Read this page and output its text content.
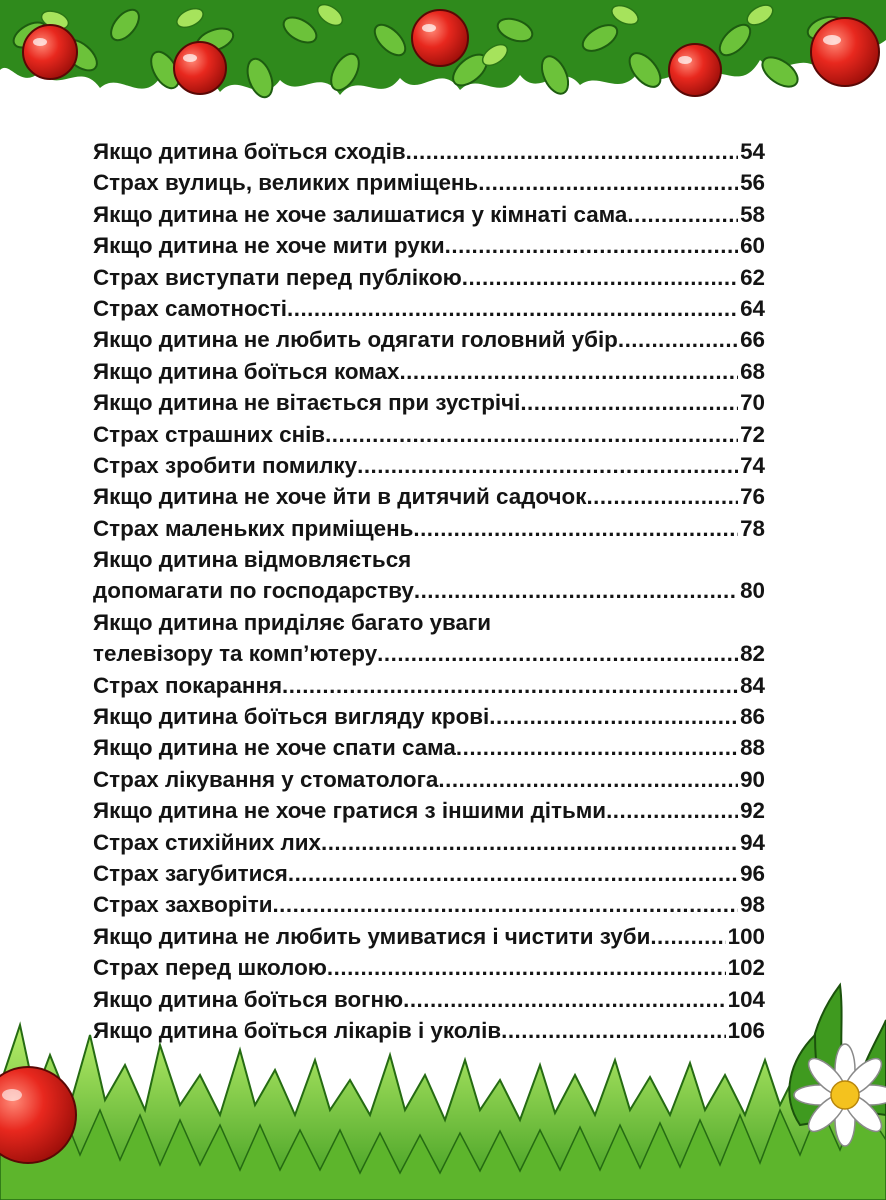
Якщо дитина боїться сходів .....	54
Страх вулиць, великих приміщень .....	56
Якщо дитина не хоче залишатися у кімнаті сама .....	58
Якщо дитина не хоче мити руки .....	60
Страх виступати перед публікою .....	62
Страх самотності .....	64
Якщо дитина не любить одягати головний убір .....	66
Якщо дитина боїться комах .....	68
Якщо дитина не вітається при зустрічі .....	70
Страх страшних снів .....	72
Страх зробити помилку .....	74
Якщо дитина не хоче йти в дитячий садочок .....	76
Страх маленьких приміщень .....	78
Якщо дитина відмовляється
допомагати по господарству .....	80
Якщо дитина приділяє багато уваги
телевізору та комп’ютеру .....	82
Страх покарання .....	84
Якщо дитина боїться вигляду крові .....	86
Якщо дитина не хоче спати сама .....	88
Страх лікування у стоматолога .....	90
Якщо дитина не хоче гратися з іншими дітьми .....	92
Страх стихійних лих .....	94
Страх загубитися .....	96
Страх захворіти .....	98
Якщо дитина не любить умиватися і чистити зуби .....	100
Страх перед школою .....	102
Якщо дитина боїться вогню .....	104
Якщо дитина боїться лікарів і уколів .....	106
